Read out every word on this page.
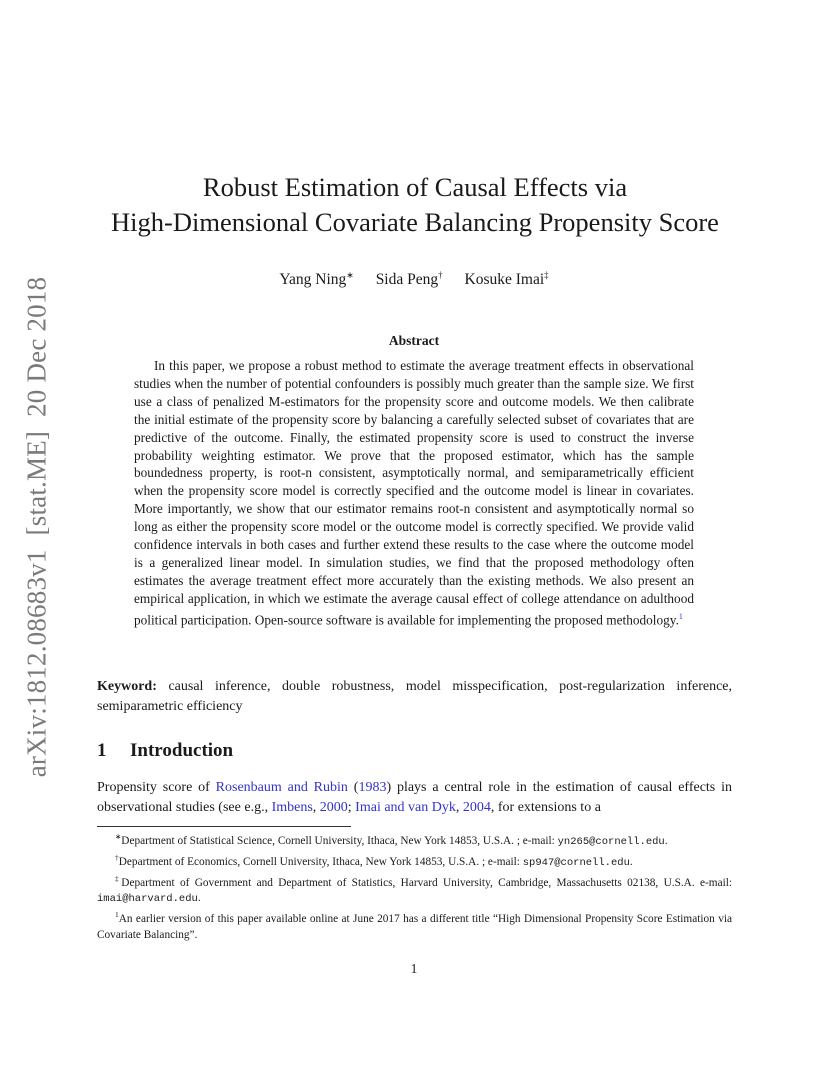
arXiv:1812.08683v1[stat.ME]20 Dec 2018
Robust Estimation of Causal Effects via
High-Dimensional Covariate Balancing Propensity Score
Yang Ning∗ Sida Peng† Kosuke Imai‡
Abstract
In this paper, we propose a robust method to estimate the average treatment effects in observational studies when the number of potential confounders is possibly much greater than the sample size. We first use a class of penalized M-estimators for the propensity score and outcome models. We then calibrate the initial estimate of the propensity score by balancing a carefully selected subset of covariates that are predictive of the outcome. Finally, the estimated propensity score is used to construct the inverse probability weighting estimator. We prove that the proposed estimator, which has the sample boundedness property, is root-n consistent, asymptotically normal, and semiparametrically efficient when the propensity score model is correctly specified and the outcome model is linear in covariates. More importantly, we show that our estimator remains root-n consistent and asymptotically normal so long as either the propensity score model or the outcome model is correctly specified. We provide valid confidence intervals in both cases and further extend these results to the case where the outcome model is a generalized linear model. In simulation studies, we find that the proposed methodology often estimates the average treatment effect more accurately than the existing methods. We also present an empirical application, in which we estimate the average causal effect of college attendance on adulthood political participation. Open-source software is available for implementing the proposed methodology.$^1$
Keyword: causal inference, double robustness, model misspecification, post-regularization inference, semiparametric efficiency
1 Introduction
Propensity score of Rosenbaum and Rubin (1983) plays a central role in the estimation of causal effects in observational studies (see e.g., Imbens, 2000; Imai and van Dyk, 2004, for extensions to a

∗Department of Statistical Science, Cornell University, Ithaca, New York 14853, U.S.A. ; e-mail: yn265@cornell.edu.

†Department of Economics, Cornell University, Ithaca, New York 14853, U.S.A. ; e-mail: sp947@cornell.edu.

‡Department of Government and Department of Statistics, Harvard University, Cambridge, Massachusetts 02138, U.S.A. e-mail: imai@harvard.edu.

$^1$An earlier version of this paper available online at June 2017 has a different title “High Dimensional Propensity Score Estimation via Covariate Balancing”.

1
